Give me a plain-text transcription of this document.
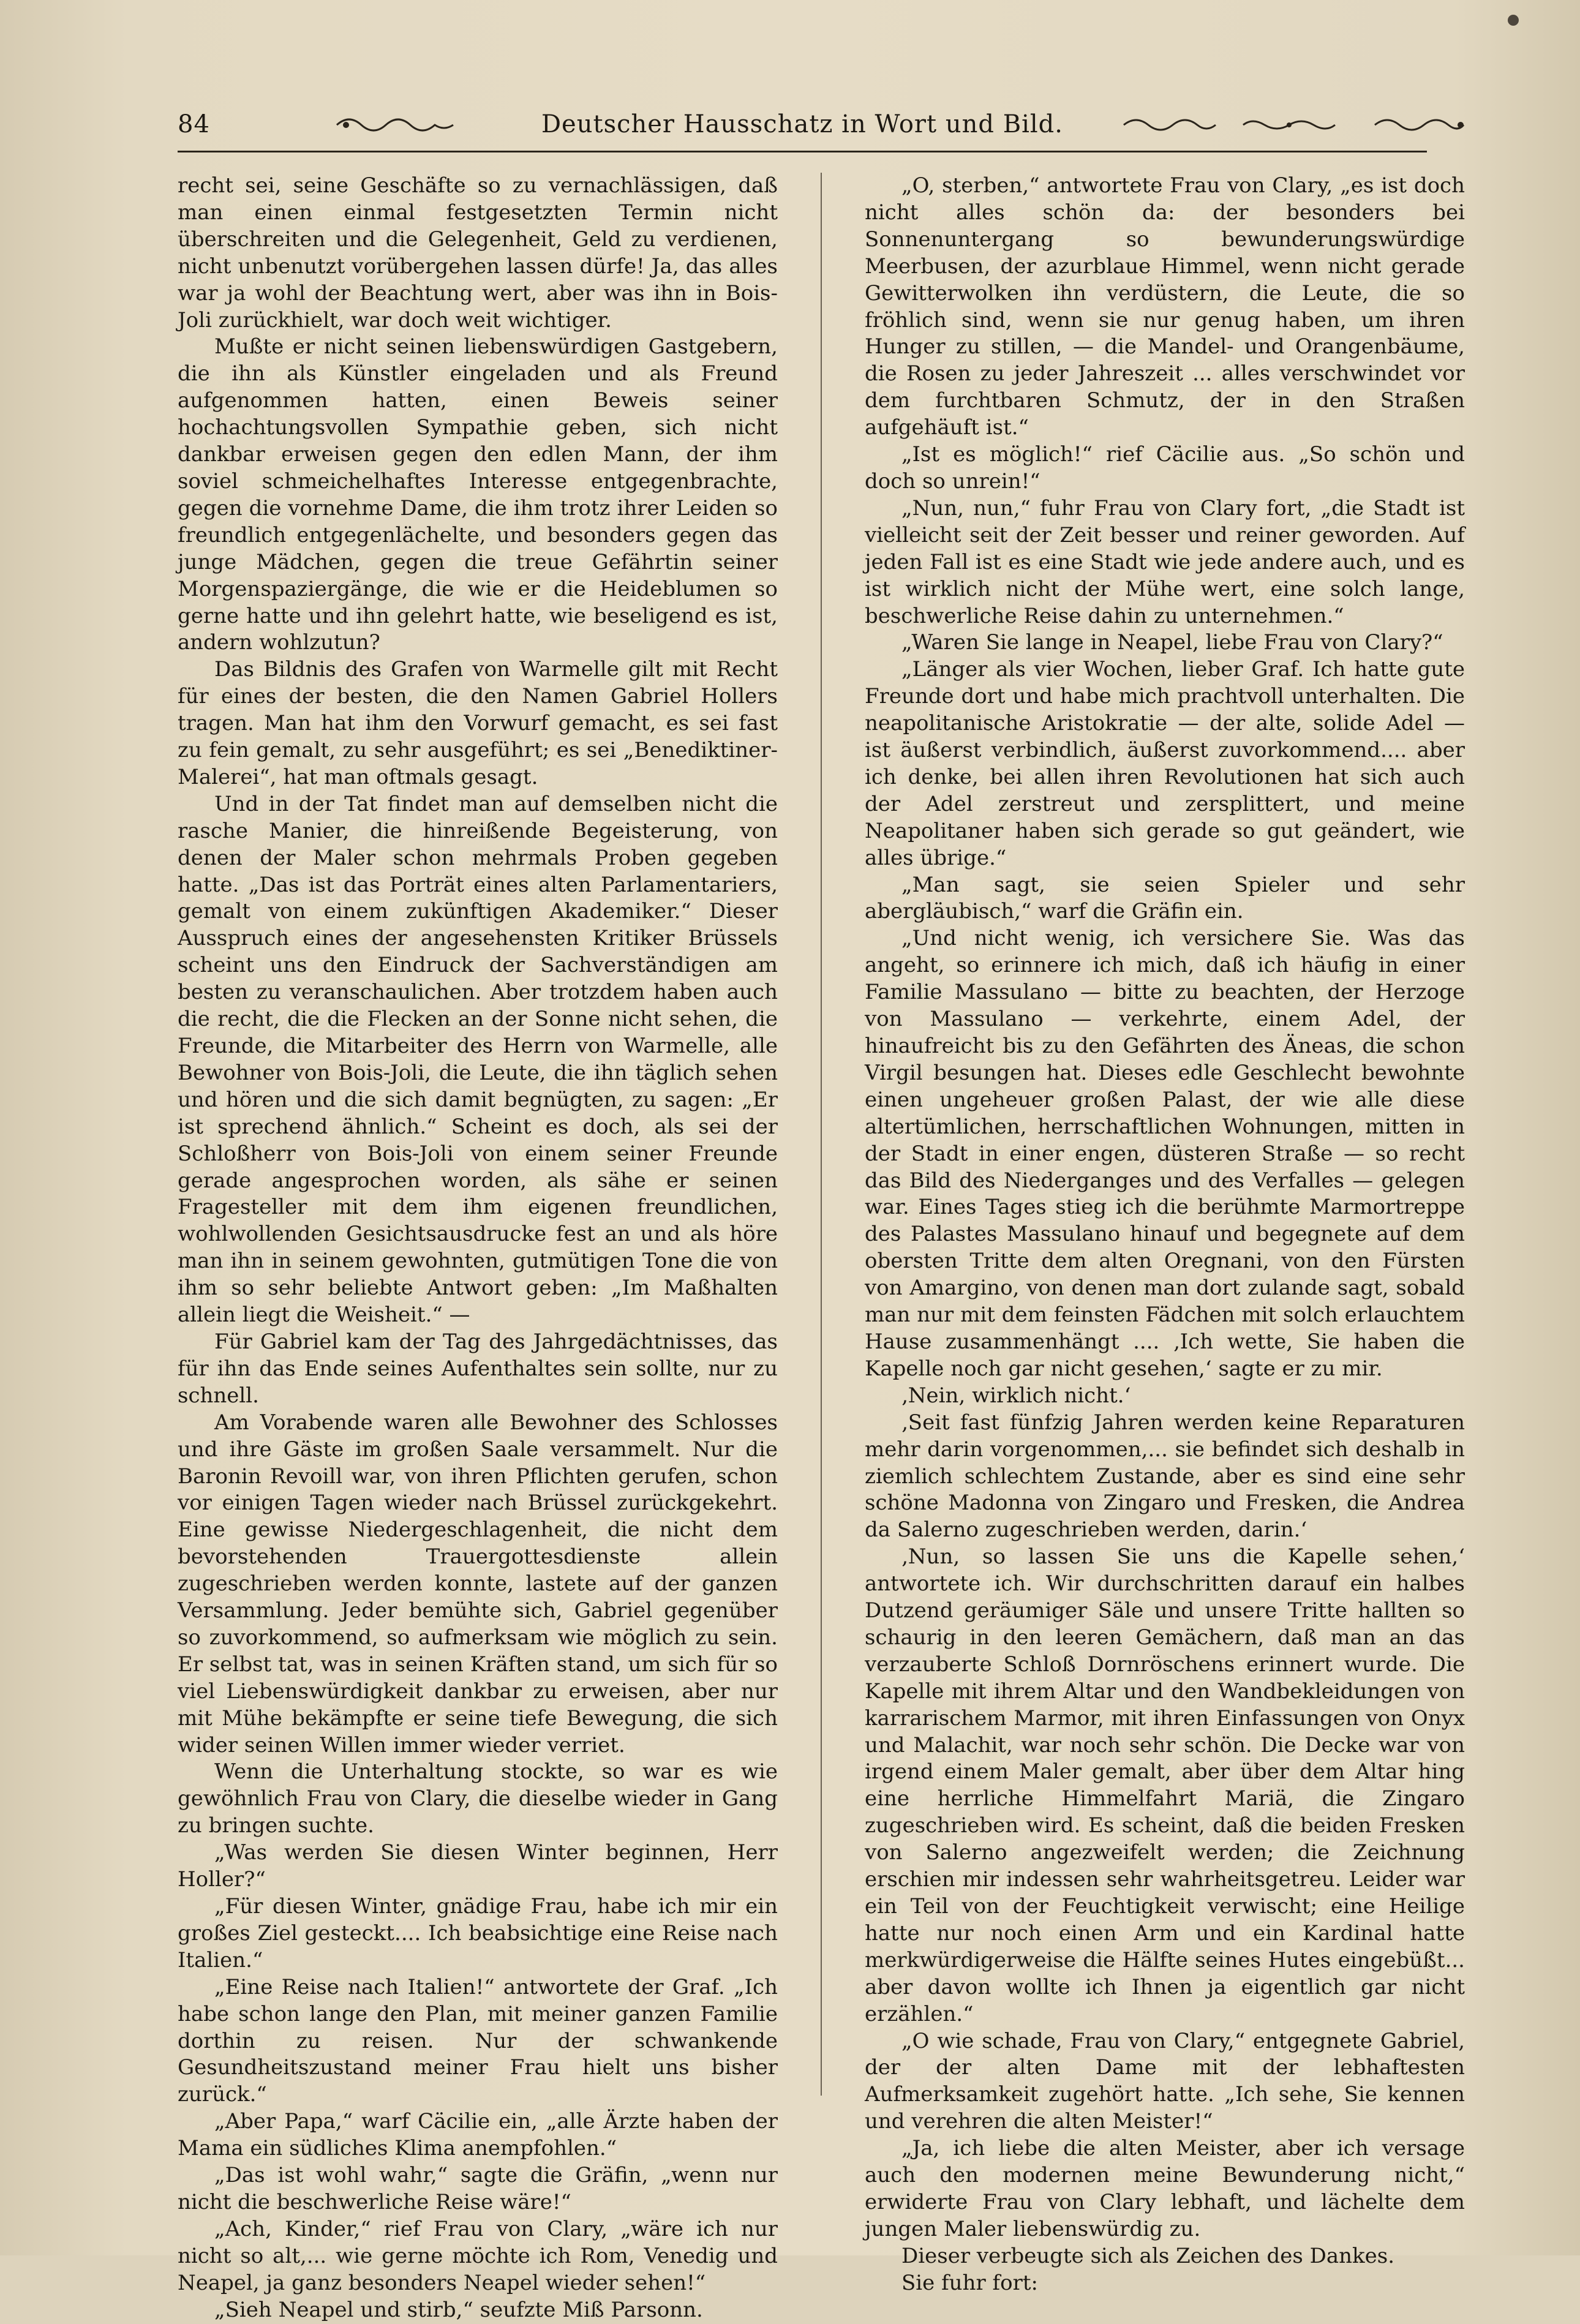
84	Deutscher Hausschatz in Wort und Bild.

recht sei, seine Geschäfte so zu vernachlässigen, daß man einen einmal festgesetzten Termin nicht überschreiten und die Gelegenheit, Geld zu verdienen, nicht unbenutzt vorübergehen lassen dürfe! Ja, das alles war ja wohl der Beachtung wert, aber was ihn in Bois-Joli zurückhielt, war doch weit wichtiger.

Mußte er nicht seinen liebenswürdigen Gastgebern, die ihn als Künstler eingeladen und als Freund aufgenommen hatten, einen Beweis seiner hochachtungsvollen Sympathie geben, sich nicht dankbar erweisen gegen den edlen Mann, der ihm soviel schmeichelhaftes Interesse entgegenbrachte, gegen die vornehme Dame, die ihm trotz ihrer Leiden so freundlich entgegenlächelte, und besonders gegen das junge Mädchen, gegen die treue Gefährtin seiner Morgenspaziergänge, die wie er die Heideblumen so gerne hatte und ihn gelehrt hatte, wie beseligend es ist, andern wohlzutun?

Das Bildnis des Grafen von Warmelle gilt mit Recht für eines der besten, die den Namen Gabriel Hollers tragen. Man hat ihm den Vorwurf gemacht, es sei fast zu fein gemalt, zu sehr ausgeführt; es sei „Benediktiner-Malerei“, hat man oftmals gesagt.

Und in der Tat findet man auf demselben nicht die rasche Manier, die hinreißende Begeisterung, von denen der Maler schon mehrmals Proben gegeben hatte. „Das ist das Porträt eines alten Parlamentariers, gemalt von einem zukünftigen Akademiker.“ Dieser Ausspruch eines der angesehensten Kritiker Brüssels scheint uns den Eindruck der Sachverständigen am besten zu veranschaulichen. Aber trotzdem haben auch die recht, die die Flecken an der Sonne nicht sehen, die Freunde, die Mitarbeiter des Herrn von Warmelle, alle Bewohner von Bois-Joli, die Leute, die ihn täglich sehen und hören und die sich damit begnügten, zu sagen: „Er ist sprechend ähnlich.“ Scheint es doch, als sei der Schloßherr von Bois-Joli von einem seiner Freunde gerade angesprochen worden, als sähe er seinen Fragesteller mit dem ihm eigenen freundlichen, wohlwollenden Gesichtsausdrucke fest an und als höre man ihn in seinem gewohnten, gutmütigen Tone die von ihm so sehr beliebte Antwort geben: „Im Maßhalten allein liegt die Weisheit.“ —

Für Gabriel kam der Tag des Jahrgedächtnisses, das für ihn das Ende seines Aufenthaltes sein sollte, nur zu schnell.

Am Vorabende waren alle Bewohner des Schlosses und ihre Gäste im großen Saale versammelt. Nur die Baronin Revoill war, von ihren Pflichten gerufen, schon vor einigen Tagen wieder nach Brüssel zurückgekehrt. Eine gewisse Niedergeschlagenheit, die nicht dem bevorstehenden Trauergottesdienste allein zugeschrieben werden konnte, lastete auf der ganzen Versammlung. Jeder bemühte sich, Gabriel gegenüber so zuvorkommend, so aufmerksam wie möglich zu sein. Er selbst tat, was in seinen Kräften stand, um sich für so viel Liebenswürdigkeit dankbar zu erweisen, aber nur mit Mühe bekämpfte er seine tiefe Bewegung, die sich wider seinen Willen immer wieder verriet.

Wenn die Unterhaltung stockte, so war es wie gewöhnlich Frau von Clary, die dieselbe wieder in Gang zu bringen suchte.

„Was werden Sie diesen Winter beginnen, Herr Holler?“

„Für diesen Winter, gnädige Frau, habe ich mir ein großes Ziel gesteckt.... Ich beabsichtige eine Reise nach Italien.“

„Eine Reise nach Italien!“ antwortete der Graf. „Ich habe schon lange den Plan, mit meiner ganzen Familie dorthin zu reisen. Nur der schwankende Gesundheitszustand meiner Frau hielt uns bisher zurück.“

„Aber Papa,“ warf Cäcilie ein, „alle Ärzte haben der Mama ein südliches Klima anempfohlen.“

„Das ist wohl wahr,“ sagte die Gräfin, „wenn nur nicht die beschwerliche Reise wäre!“

„Ach, Kinder,“ rief Frau von Clary, „wäre ich nur nicht so alt,... wie gerne möchte ich Rom, Venedig und Neapel, ja ganz besonders Neapel wieder sehen!“

„Sieh Neapel und stirb,“ seufzte Miß Parsonn.

„O, sterben,“ antwortete Frau von Clary, „es ist doch nicht alles schön da: der besonders bei Sonnenuntergang so bewunderungswürdige Meerbusen, der azurblaue Himmel, wenn nicht gerade Gewitterwolken ihn verdüstern, die Leute, die so fröhlich sind, wenn sie nur genug haben, um ihren Hunger zu stillen, — die Mandel- und Orangenbäume, die Rosen zu jeder Jahreszeit ... alles verschwindet vor dem furchtbaren Schmutz, der in den Straßen aufgehäuft ist.“

„Ist es möglich!“ rief Cäcilie aus. „So schön und doch so unrein!“

„Nun, nun,“ fuhr Frau von Clary fort, „die Stadt ist vielleicht seit der Zeit besser und reiner geworden. Auf jeden Fall ist es eine Stadt wie jede andere auch, und es ist wirklich nicht der Mühe wert, eine solch lange, beschwerliche Reise dahin zu unternehmen.“

„Waren Sie lange in Neapel, liebe Frau von Clary?“

„Länger als vier Wochen, lieber Graf. Ich hatte gute Freunde dort und habe mich prachtvoll unterhalten. Die neapolitanische Aristokratie — der alte, solide Adel — ist äußerst verbindlich, äußerst zuvorkommend.... aber ich denke, bei allen ihren Revolutionen hat sich auch der Adel zerstreut und zersplittert, und meine Neapolitaner haben sich gerade so gut geändert, wie alles übrige.“

„Man sagt, sie seien Spieler und sehr abergläubisch,“ warf die Gräfin ein.

„Und nicht wenig, ich versichere Sie. Was das angeht, so erinnere ich mich, daß ich häufig in einer Familie Massulano — bitte zu beachten, der Herzoge von Massulano — verkehrte, einem Adel, der hinaufreicht bis zu den Gefährten des Äneas, die schon Virgil besungen hat. Dieses edle Geschlecht bewohnte einen ungeheuer großen Palast, der wie alle diese altertümlichen, herrschaftlichen Wohnungen, mitten in der Stadt in einer engen, düsteren Straße — so recht das Bild des Niederganges und des Verfalles — gelegen war. Eines Tages stieg ich die berühmte Marmortreppe des Palastes Massulano hinauf und begegnete auf dem obersten Tritte dem alten Oregnani, von den Fürsten von Amargino, von denen man dort zulande sagt, sobald man nur mit dem feinsten Fädchen mit solch erlauchtem Hause zusammenhängt .... ‚Ich wette, Sie haben die Kapelle noch gar nicht gesehen,‘ sagte er zu mir.

‚Nein, wirklich nicht.‘

‚Seit fast fünfzig Jahren werden keine Reparaturen mehr darin vorgenommen,... sie befindet sich deshalb in ziemlich schlechtem Zustande, aber es sind eine sehr schöne Madonna von Zingaro und Fresken, die Andrea da Salerno zugeschrieben werden, darin.‘

‚Nun, so lassen Sie uns die Kapelle sehen,‘ antwortete ich. Wir durchschritten darauf ein halbes Dutzend geräumiger Säle und unsere Tritte hallten so schaurig in den leeren Gemächern, daß man an das verzauberte Schloß Dornröschens erinnert wurde. Die Kapelle mit ihrem Altar und den Wandbekleidungen von karrarischem Marmor, mit ihren Einfassungen von Onyx und Malachit, war noch sehr schön. Die Decke war von irgend einem Maler gemalt, aber über dem Altar hing eine herrliche Himmelfahrt Mariä, die Zingaro zugeschrieben wird. Es scheint, daß die beiden Fresken von Salerno angezweifelt werden; die Zeichnung erschien mir indessen sehr wahrheitsgetreu. Leider war ein Teil von der Feuchtigkeit verwischt; eine Heilige hatte nur noch einen Arm und ein Kardinal hatte merkwürdigerweise die Hälfte seines Hutes eingebüßt... aber davon wollte ich Ihnen ja eigentlich gar nicht erzählen.“

„O wie schade, Frau von Clary,“ entgegnete Gabriel, der der alten Dame mit der lebhaftesten Aufmerksamkeit zugehört hatte. „Ich sehe, Sie kennen und verehren die alten Meister!“

„Ja, ich liebe die alten Meister, aber ich versage auch den modernen meine Bewunderung nicht,“ erwiderte Frau von Clary lebhaft, und lächelte dem jungen Maler liebenswürdig zu.

Dieser verbeugte sich als Zeichen des Dankes.

Sie fuhr fort:
